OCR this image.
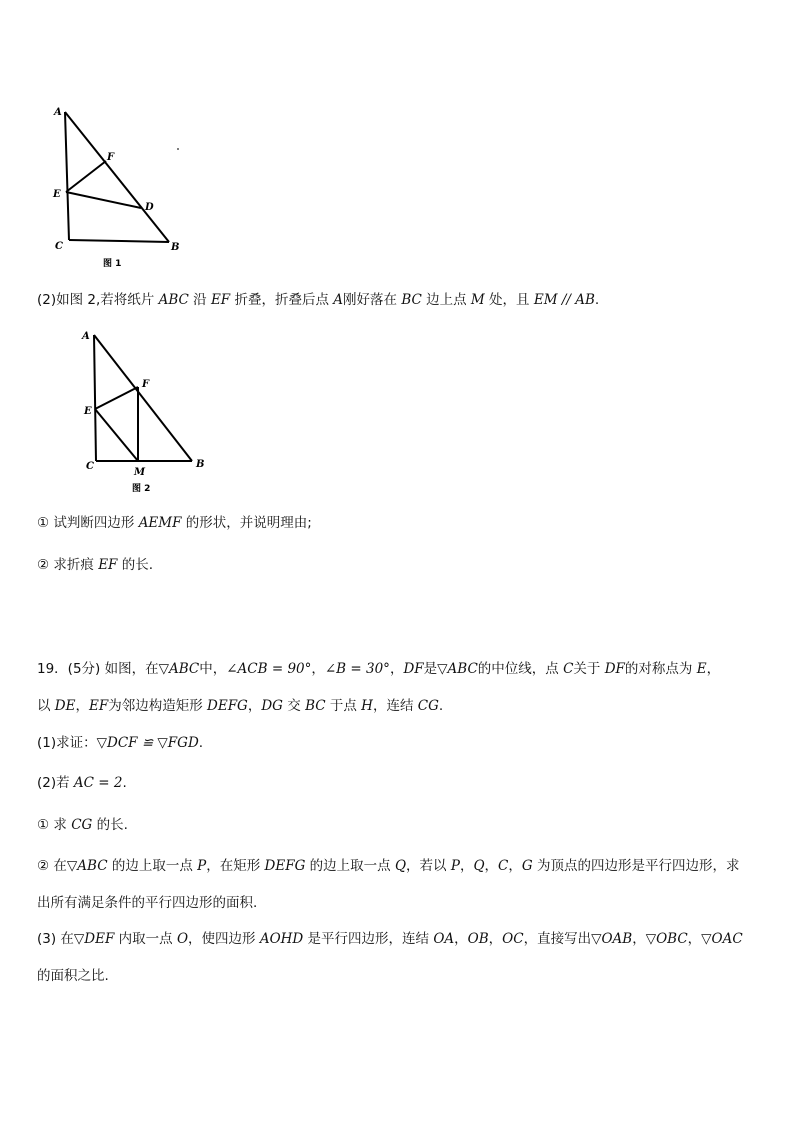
A
F
E
D
C	B
图 1
(2)如图 2,若将纸片 ABC 沿 EF 折叠，折叠后点 A刚好落在 BC 边上点 M 处，且 EM // AB.
A
F
E
C
M
B
图 2
① 试判断四边形 AEMF 的形状，并说明理由;
② 求折痕 EF 的长.
19．(5分) 如图，在▽ABC中，∠ACB = 90°，∠B = 30°，DF是▽ABC的中位线，点 C关于 DF的对称点为 E，
以 DE，EF为邻边构造矩形 DEFG，DG 交 BC 于点 H，连结 CG.
(1)求证：▽DCF ≌ ▽FGD.
(2)若 AC = 2.
① 求 CG 的长.
② 在▽ABC 的边上取一点 P，在矩形 DEFG 的边上取一点 Q，若以 P，Q，C，G 为顶点的四边形是平行四边形，求
出所有满足条件的平行四边形的面积.
(3) 在▽DEF 内取一点 O，使四边形 AOHD 是平行四边形，连结 OA，OB，OC，直接写出▽OAB，▽OBC，▽OAC
的面积之比.
